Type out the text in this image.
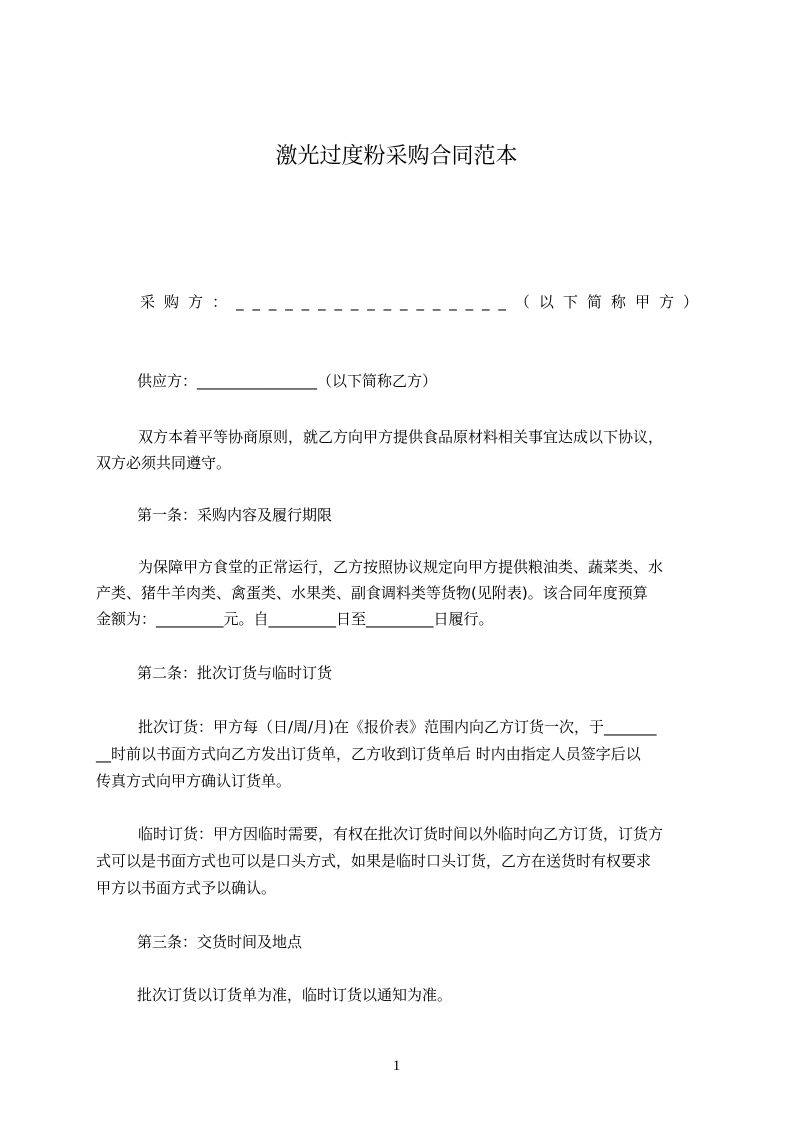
激光过度粉采购合同范本
采 购 方 ： _ _ _ _ _ _ _ _ _ _ _ _ _ _ _ _ _ （ 以 下 简 称 甲 方 ）
供应方：________________（以下简称乙方）
双方本着平等协商原则，就乙方向甲方提供食品原材料相关事宜达成以下协议，
双方必须共同遵守。
第一条：采购内容及履行期限
为保障甲方食堂的正常运行，乙方按照协议规定向甲方提供粮油类、蔬菜类、水
产类、猪牛羊肉类、禽蛋类、水果类、副食调料类等货物(见附表)。该合同年度预算
金额为：_________元。自_________日至_________日履行。
第二条：批次订货与临时订货
批次订货：甲方每（日/周/月)在《报价表》范围内向乙方订货一次，于_______
__时前以书面方式向乙方发出订货单，乙方收到订货单后 时内由指定人员签字后以
传真方式向甲方确认订货单。
临时订货：甲方因临时需要，有权在批次订货时间以外临时向乙方订货，订货方
式可以是书面方式也可以是口头方式，如果是临时口头订货，乙方在送货时有权要求
甲方以书面方式予以确认。
第三条：交货时间及地点
批次订货以订货单为准，临时订货以通知为准。
1
